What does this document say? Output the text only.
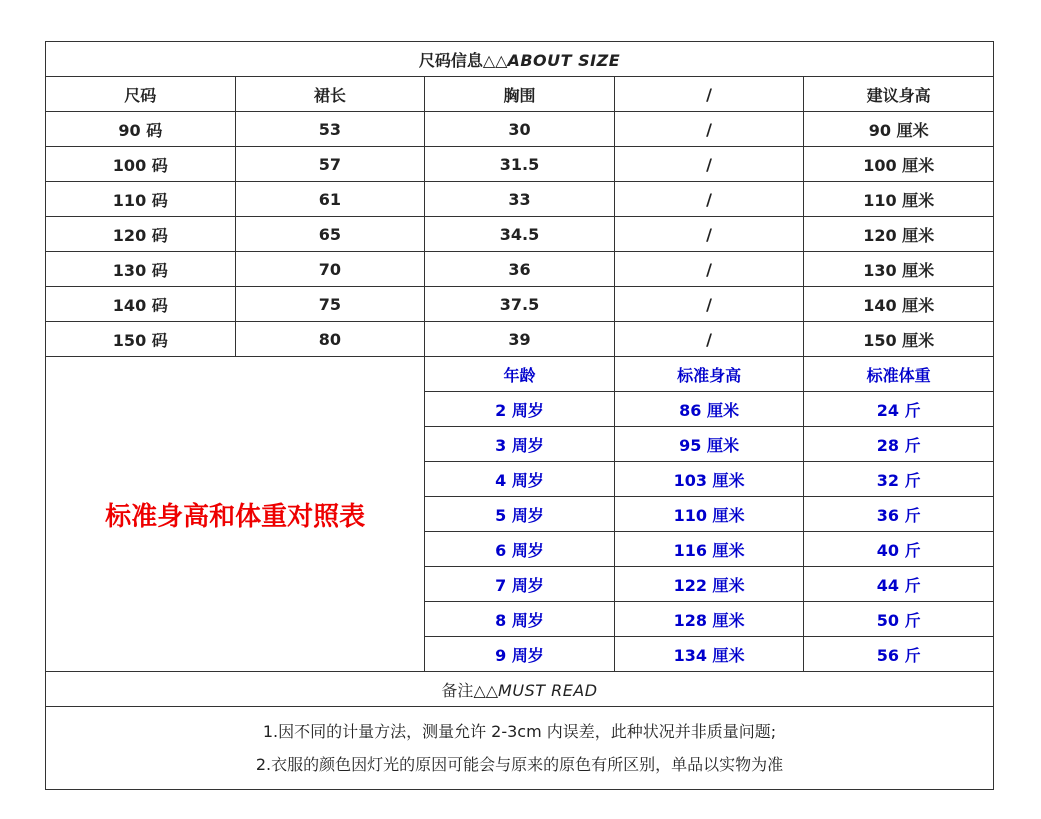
尺码信息△△ABOUT SIZE				
尺码	裙长	胸围	/	建议身高
90 码	53	30	/	90 厘米
100 码	57	31.5	/	100 厘米
110 码	61	33	/	110 厘米
120 码	65	34.5	/	120 厘米
130 码	70	36	/	130 厘米
140 码	75	37.5	/	140 厘米
150 码	80	39	/	150 厘米
标准身高和体重对照表		年龄	标准身高	标准体重
		2 周岁	86 厘米	24 斤
		3 周岁	95 厘米	28 斤
		4 周岁	103 厘米	32 斤
		5 周岁	110 厘米	36 斤
		6 周岁	116 厘米	40 斤
		7 周岁	122 厘米	44 斤
		8 周岁	128 厘米	50 斤
		9 周岁	134 厘米	56 斤
备注△△MUST READ				

1.因不同的计量方法，测量允许 2-3cm 内误差，此种状况并非质量问题;
2.衣服的颜色因灯光的原因可能会与原来的原色有所区别，单品以实物为准				
